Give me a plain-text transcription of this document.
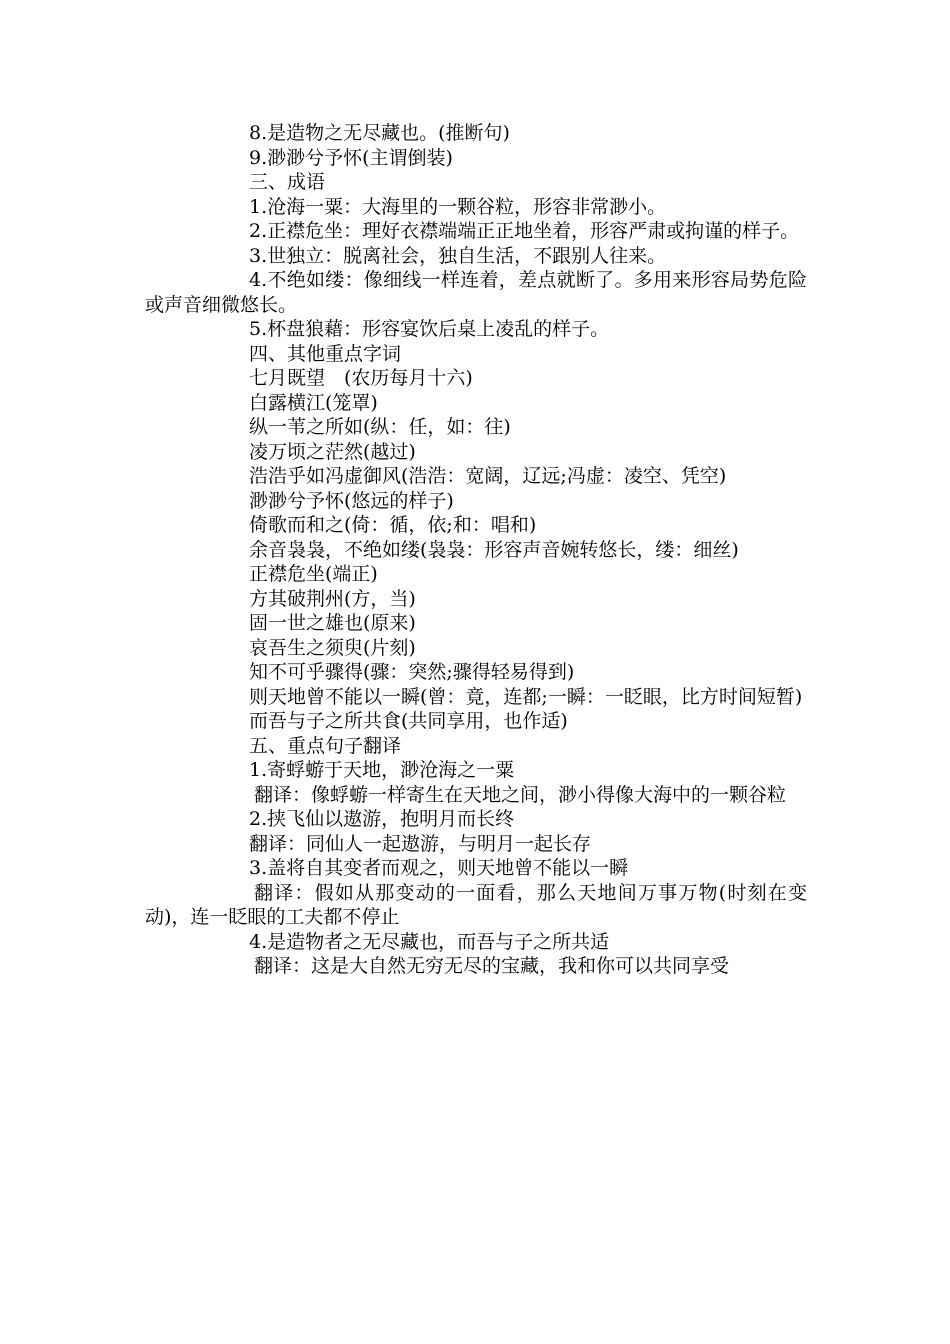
8.是造物之无尽藏也。(推断句)

9.渺渺兮予怀(主谓倒装)

三、成语

1.沧海一粟：大海里的一颗谷粒，形容非常渺小。

2.正襟危坐：理好衣襟端端正正地坐着，形容严肃或拘谨的样子。

3.世独立：脱离社会，独自生活，不跟别人往来。

4.不绝如缕：像细线一样连着，差点就断了。多用来形容局势危险或声音细微悠长。

5.杯盘狼藉：形容宴饮后桌上凌乱的样子。

四、其他重点字词

七月既望　(农历每月十六)

白露横江(笼罩)

纵一苇之所如(纵：任，如：往)

凌万顷之茫然(越过)

浩浩乎如冯虚御风(浩浩：宽阔，辽远;冯虚：凌空、凭空)

渺渺兮予怀(悠远的样子)

倚歌而和之(倚：循，依;和：唱和)

余音袅袅，不绝如缕(袅袅：形容声音婉转悠长，缕：细丝)

正襟危坐(端正)

方其破荆州(方，当)

固一世之雄也(原来)

哀吾生之须臾(片刻)

知不可乎骤得(骤：突然;骤得轻易得到)

则天地曾不能以一瞬(曾：竟，连都;一瞬：一眨眼，比方时间短暂)

而吾与子之所共食(共同享用，也作适)

五、重点句子翻译

1.寄蜉蝣于天地，渺沧海之一粟

翻译：像蜉蝣一样寄生在天地之间，渺小得像大海中的一颗谷粒

2.挟飞仙以遨游，抱明月而长终

翻译：同仙人一起遨游，与明月一起长存

3.盖将自其变者而观之，则天地曾不能以一瞬

翻译：假如从那变动的一面看，那么天地间万事万物(时刻在变动)，连一眨眼的工夫都不停止

4.是造物者之无尽藏也，而吾与子之所共适

翻译：这是大自然无穷无尽的宝藏，我和你可以共同享受
